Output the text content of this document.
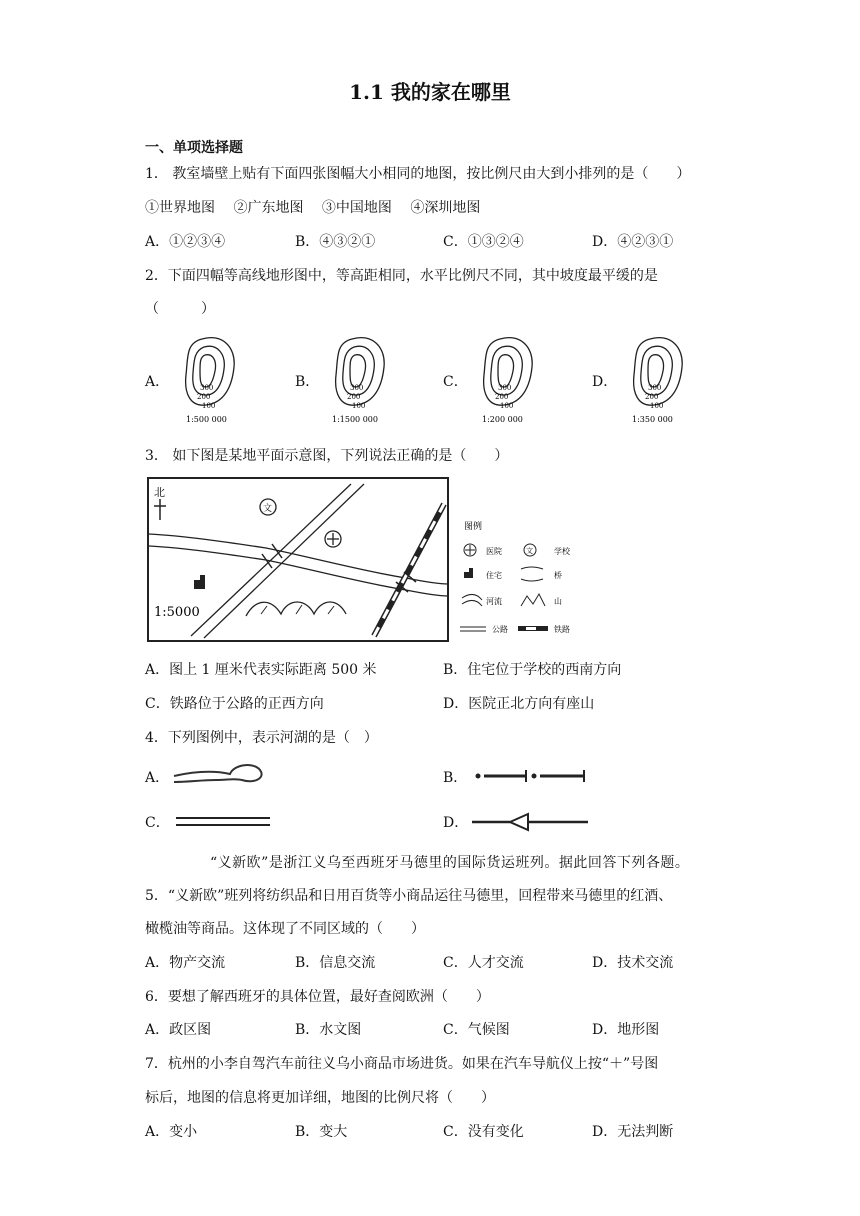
1.1 我的家在哪里
一、单项选择题
1． 教室墙壁上贴有下面四张图幅大小相同的地图，按比例尺由大到小排列的是（　　）
①世界地图　 ②广东地图　 ③中国地图　 ④深圳地图
A．①②③④	B．④③②①	C．①③②④	D．④②③①
2．下面四幅等高线地形图中，等高距相同，水平比例尺不同，其中坡度最平缓的是
（　　　）
A．	B．	C．	D．
300
200
100
1:500 000
300
200
100
1:1500 000
300
200
100
1:200 000
300
200
100
1:350 000
3． 如下图是某地平面示意图，下列说法正确的是（　　）
北
文
1:5000
图例
医院	文	学校
住宅	桥
河流	山
公路	铁路
A．图上 1 厘米代表实际距离 500 米	B．住宅位于学校的西南方向
C．铁路位于公路的正西方向	D．医院正北方向有座山
4．下列图例中，表示河湖的是（　）
A．	B．
C．	D．
“义新欧”是浙江义乌至西班牙马德里的国际货运班列。据此回答下列各题。
5．“义新欧”班列将纺织品和日用百货等小商品运往马德里，回程带来马德里的红酒、
橄榄油等商品。这体现了不同区域的（　　）
A．物产交流	B．信息交流	C．人才交流	D．技术交流
6．要想了解西班牙的具体位置，最好查阅欧洲（　　）
A．政区图	B．水文图	C．气候图	D．地形图
7．杭州的小李自驾汽车前往义乌小商品市场进货。如果在汽车导航仪上按“＋”号图
标后，地图的信息将更加详细，地图的比例尺将（　　）
A．变小	B．变大	C．没有变化	D．无法判断
